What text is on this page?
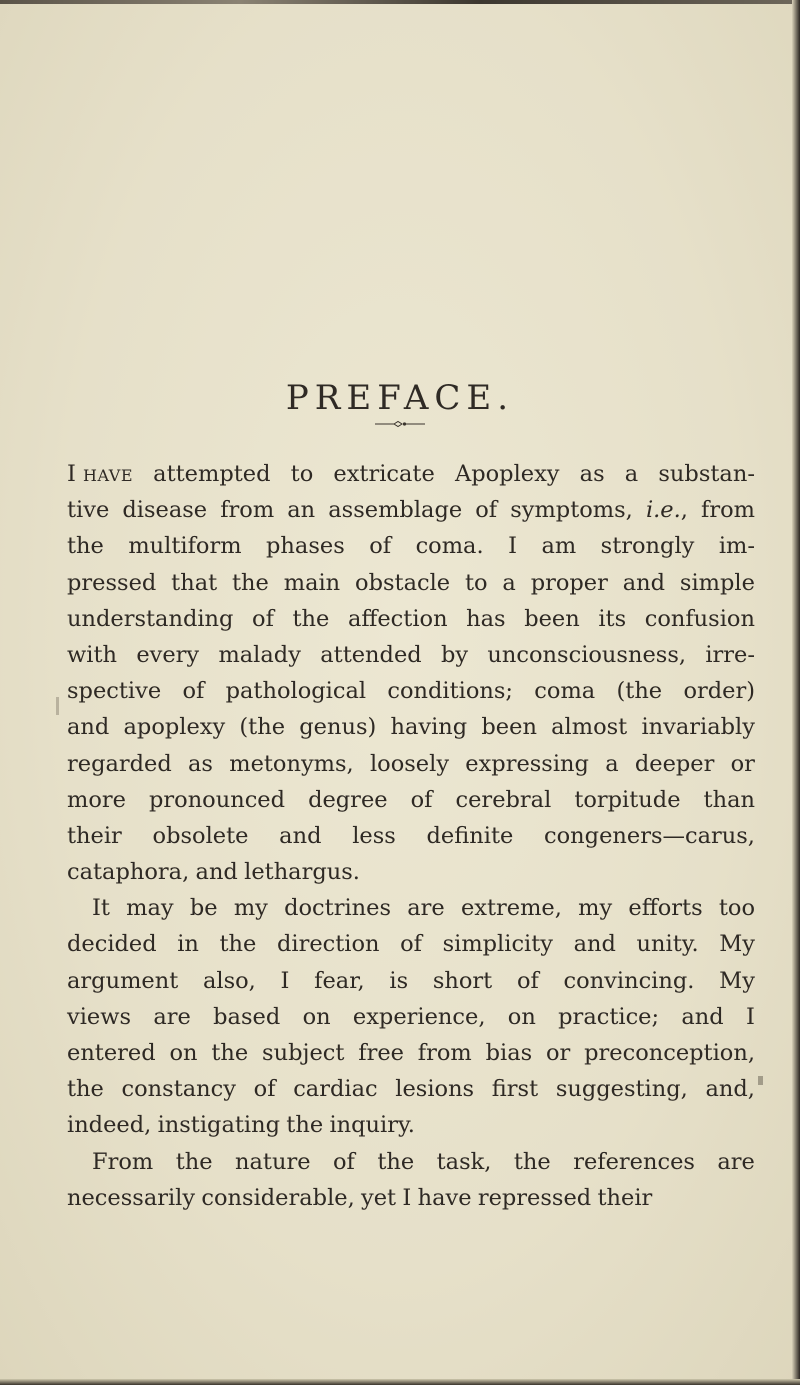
PREFACE.
I have attempted to extricate Apoplexy as a substan-
tive disease from an assemblage of symptoms, i.e., from
the multiform phases of coma. I am strongly im-
pressed that the main obstacle to a proper and simple
understanding of the affection has been its confusion
with every malady attended by unconsciousness, irre-
spective of pathological conditions; coma (the order)
and apoplexy (the genus) having been almost invariably
regarded as metonyms, loosely expressing a deeper or
more pronounced degree of cerebral torpitude than
their obsolete and less definite congeners—carus,
cataphora, and lethargus.
It may be my doctrines are extreme, my efforts too
decided in the direction of simplicity and unity. My
argument also, I fear, is short of convincing. My
views are based on experience, on practice; and I
entered on the subject free from bias or preconception,
the constancy of cardiac lesions first suggesting, and,
indeed, instigating the inquiry.
From the nature of the task, the references are
necessarily considerable, yet I have repressed their
